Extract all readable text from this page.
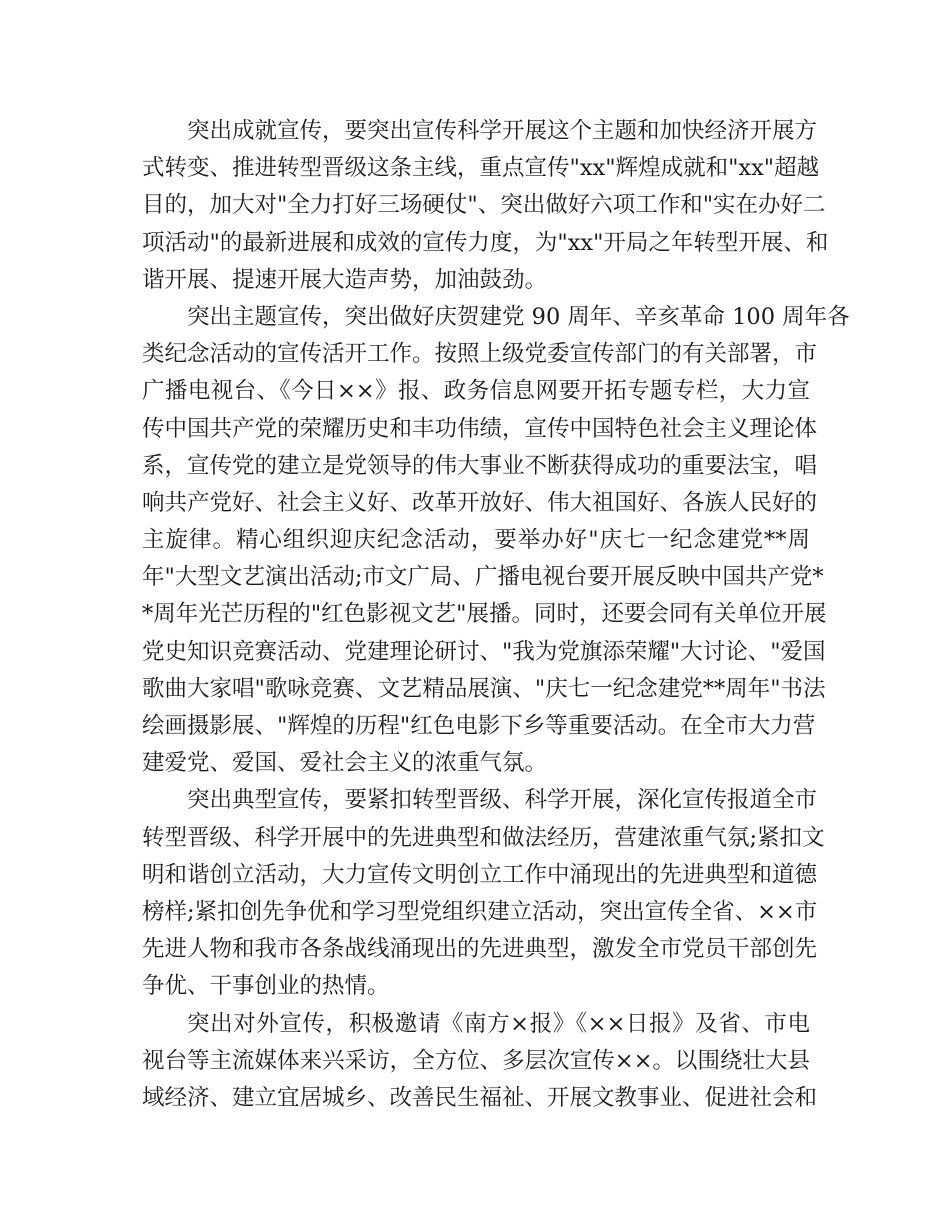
突出成就宣传，要突出宣传科学开展这个主题和加快经济开展方
式转变、推进转型晋级这条主线，重点宣传"xx"辉煌成就和"xx"超越
目的，加大对"全力打好三场硬仗"、突出做好六项工作和"实在办好二
项活动"的最新进展和成效的宣传力度，为"xx"开局之年转型开展、和
谐开展、提速开展大造声势，加油鼓劲。
突出主题宣传，突出做好庆贺建党 90 周年、辛亥革命 100 周年各
类纪念活动的宣传活开工作。按照上级党委宣传部门的有关部署，市
广播电视台、《今日××》报、政务信息网要开拓专题专栏，大力宣
传中国共产党的荣耀历史和丰功伟绩，宣传中国特色社会主义理论体
系，宣传党的建立是党领导的伟大事业不断获得成功的重要法宝，唱
响共产党好、社会主义好、改革开放好、伟大祖国好、各族人民好的
主旋律。精心组织迎庆纪念活动，要举办好"庆七一纪念建党**周
年"大型文艺演出活动;市文广局、广播电视台要开展反映中国共产党*
*周年光芒历程的"红色影视文艺"展播。同时，还要会同有关单位开展
党史知识竞赛活动、党建理论研讨、"我为党旗添荣耀"大讨论、"爱国
歌曲大家唱"歌咏竞赛、文艺精品展演、"庆七一纪念建党**周年"书法
绘画摄影展、"辉煌的历程"红色电影下乡等重要活动。在全市大力营
建爱党、爱国、爱社会主义的浓重气氛。
突出典型宣传，要紧扣转型晋级、科学开展，深化宣传报道全市
转型晋级、科学开展中的先进典型和做法经历，营建浓重气氛;紧扣文
明和谐创立活动，大力宣传文明创立工作中涌现出的先进典型和道德
榜样;紧扣创先争优和学习型党组织建立活动，突出宣传全省、××市
先进人物和我市各条战线涌现出的先进典型，激发全市党员干部创先
争优、干事创业的热情。
突出对外宣传，积极邀请《南方×报》《××日报》及省、市电
视台等主流媒体来兴采访，全方位、多层次宣传××。以围绕壮大县
域经济、建立宜居城乡、改善民生福祉、开展文教事业、促进社会和
